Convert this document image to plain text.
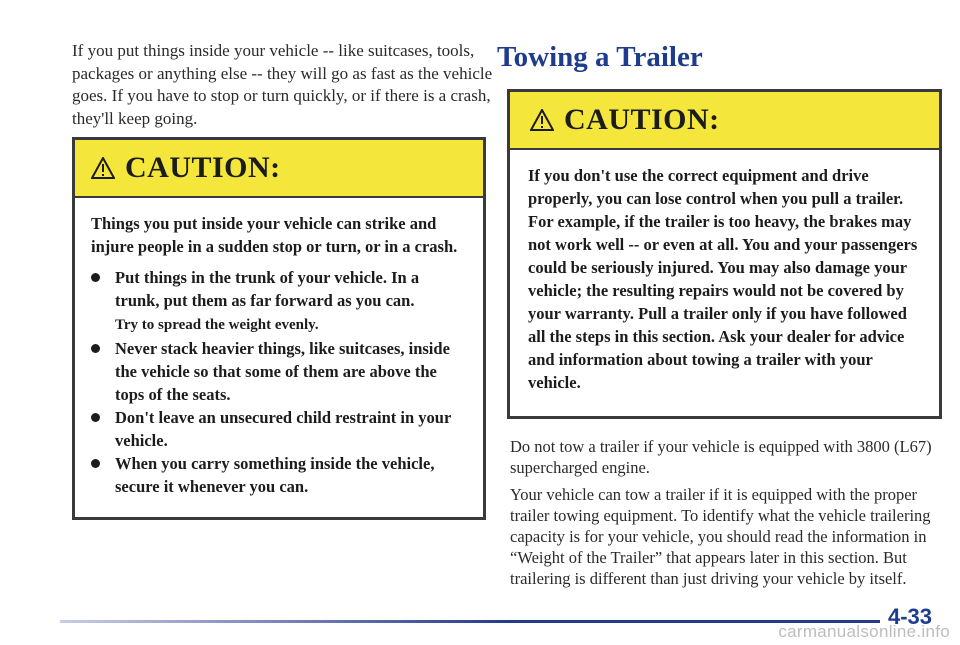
If you put things inside your vehicle -- like suitcases, tools, packages or anything else -- they will go as fast as the vehicle goes. If you have to stop or turn quickly, or if there is a crash, they'll keep going.

CAUTION:

Things you put inside your vehicle can strike and injure people in a sudden stop or turn, or in a crash.

Put things in the trunk of your vehicle. In a trunk, put them as far forward as you can.
Try to spread the weight evenly.
Never stack heavier things, like suitcases, inside the vehicle so that some of them are above the tops of the seats.
Don't leave an unsecured child restraint in your vehicle.
When you carry something inside the vehicle, secure it whenever you can.
Towing a Trailer
CAUTION:

If you don't use the correct equipment and drive properly, you can lose control when you pull a trailer. For example, if the trailer is too heavy, the brakes may not work well -- or even at all. You and your passengers could be seriously injured. You may also damage your vehicle; the resulting repairs would not be covered by your warranty. Pull a trailer only if you have followed all the steps in this section. Ask your dealer for advice and information about towing a trailer with your vehicle.

Do not tow a trailer if your vehicle is equipped with 3800 (L67) supercharged engine.

Your vehicle can tow a trailer if it is equipped with the proper trailer towing equipment. To identify what the vehicle trailering capacity is for your vehicle, you should read the information in “Weight of the Trailer” that appears later in this section. But trailering is different than just driving your vehicle by itself.

4-33
carmanualsonline.info
